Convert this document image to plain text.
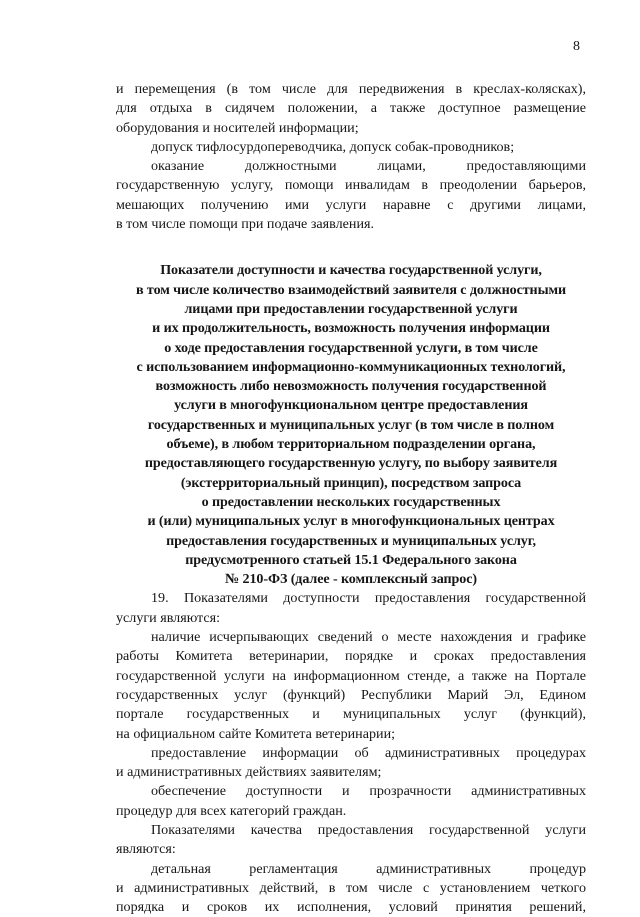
8
и перемещения (в том числе для передвижения в креслах-колясках),
для отдыха в сидячем положении, а также доступное размещение
оборудования и носителей информации;
допуск тифлосурдопереводчика, допуск собак-проводников;
оказание должностными лицами, предоставляющими
государственную услугу, помощи инвалидам в преодолении барьеров,
мешающих получению ими услуги наравне с другими лицами,
в том числе помощи при подаче заявления.
Показатели доступности и качества государственной услуги,
в том числе количество взаимодействий заявителя с должностными
лицами при предоставлении государственной услуги
и их продолжительность, возможность получения информации
о ходе предоставления государственной услуги, в том числе
с использованием информационно-коммуникационных технологий,
возможность либо невозможность получения государственной
услуги в многофункциональном центре предоставления
государственных и муниципальных услуг (в том числе в полном
объеме), в любом территориальном подразделении органа,
предоставляющего государственную услугу, по выбору заявителя
(экстерриториальный принцип), посредством запроса
о предоставлении нескольких государственных
и (или) муниципальных услуг в многофункциональных центрах
предоставления государственных и муниципальных услуг,
предусмотренного статьей 15.1 Федерального закона
№ 210-ФЗ (далее - комплексный запрос)
19. Показателями доступности предоставления государственной
услуги являются:
наличие исчерпывающих сведений о месте нахождения и графике
работы Комитета ветеринарии, порядке и сроках предоставления
государственной услуги на информационном стенде, а также на Портале
государственных услуг (функций) Республики Марий Эл, Едином
портале государственных и муниципальных услуг (функций),
на официальном сайте Комитета ветеринарии;
предоставление информации об административных процедурах
и административных действиях заявителям;
обеспечение доступности и прозрачности административных
процедур для всех категорий граждан.
Показателями качества предоставления государственной услуги
являются:
детальная регламентация административных процедур
и административных действий, в том числе с установлением четкого
порядка и сроков их исполнения, условий принятия решений,
